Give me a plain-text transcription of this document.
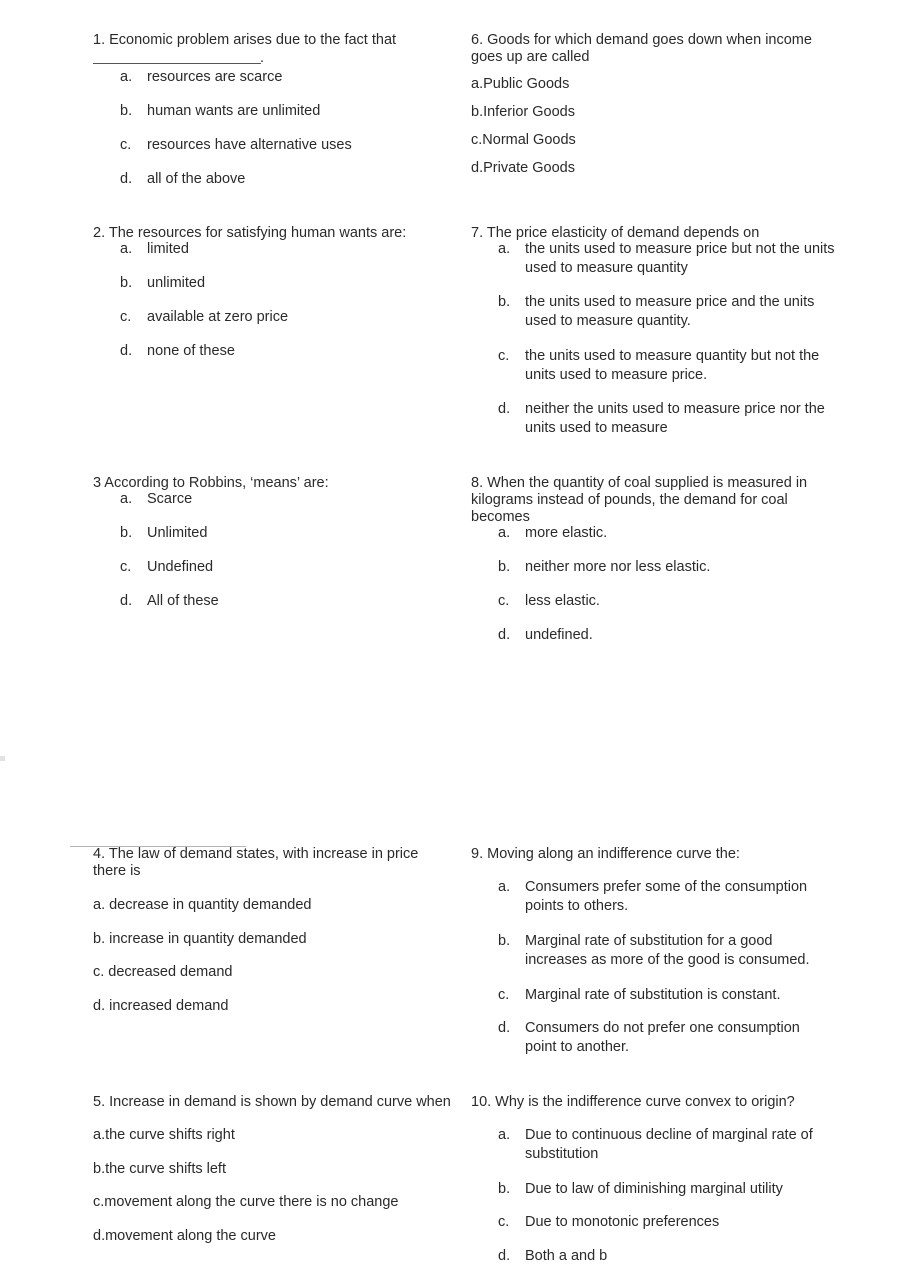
1. Economic problem arises due to the fact that
.
a. resources are scarce
b. human wants are unlimited
c. resources have alternative uses
d. all of the above
2. The resources for satisfying human wants are:
a. limited
b. unlimited
c. available at zero price
d. none of these
3 According to Robbins, ‘means’ are:
a. Scarce
b. Unlimited
c. Undefined
d. All of these
4. The law of demand states, with increase in price there is
a. decrease in quantity demanded
b. increase in quantity demanded
c. decreased demand
d. increased demand
5. Increase in demand is shown by demand curve when
a.the curve shifts right
b.the curve shifts left
c.movement along the curve there is no change
d.movement along the curve
6. Goods for which demand goes down when income goes up are called
a.Public Goods
b.Inferior Goods
c.Normal Goods
d.Private Goods
7. The price elasticity of demand depends on
a. the units used to measure price but not the units used to measure quantity
b. the units used to measure price and the units used to measure quantity.
c. the units used to measure quantity but not the units used to measure price.
d. neither the units used to measure price nor the units used to measure
8. When the quantity of coal supplied is measured in kilograms instead of pounds, the demand for coal becomes
a. more elastic.
b. neither more nor less elastic.
c. less elastic.
d. undefined.
9. Moving along an indifference curve the:
a. Consumers prefer some of the consumption points to others.
b. Marginal rate of substitution for a good increases as more of the good is consumed.
c. Marginal rate of substitution is constant.
d. Consumers do not prefer one consumption point to another.
10. Why is the indifference curve convex to origin?
a. Due to continuous decline of marginal rate of substitution
b. Due to law of diminishing marginal utility
c. Due to monotonic preferences
d. Both a and b
